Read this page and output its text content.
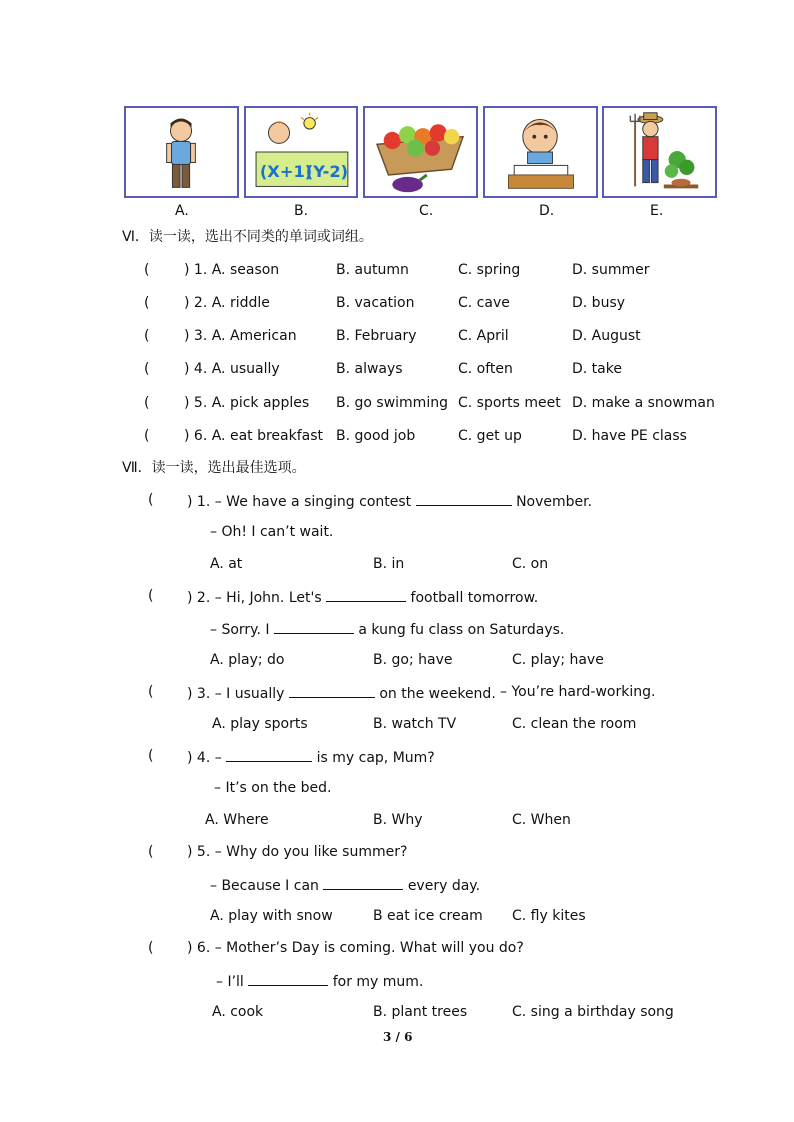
(X+1)
(Y-2)
A.	B.	C.	D.	E.
Ⅵ．读一读，选出不同类的单词或词组。
( ) 1. A. season	B. autumn	C. spring	D. summer
( ) 2. A. riddle	B. vacation	C. cave	D. busy
( ) 3. A. American	B. February	C. April	D. August
( ) 4. A. usually	B. always	C. often	D. take
( ) 5. A. pick apples B. go swimming C. sports meet D. make a snowman
( ) 6. A. eat breakfast B. good job	C. get up	D. have PE class
Ⅶ．读一读，选出最佳选项。
( ) 1. – We have a singing contest	November.
– Oh! I can’t wait.
A. at	B. in	C. on
( ) 2. – Hi, John. Let's	football tomorrow.
– Sorry. I	a kung fu class on Saturdays.
A. play; do	B. go; have	C. play; have
( ) 3. – I usually	on the weekend. – You’re hard-working.
A. play sports	B. watch TV	C. clean the room
( ) 4. –	is my cap, Mum?
– It’s on the bed.
A. Where	B. Why	C. When
( ) 5. – Why do you like summer?
– Because I can	every day.
A. play with snow	B eat ice cream C. fly kites
( ) 6. – Mother’s Day is coming. What will you do?
– I’ll	for my mum.
A. cook	B. plant trees	C. sing a birthday song
3 / 6
